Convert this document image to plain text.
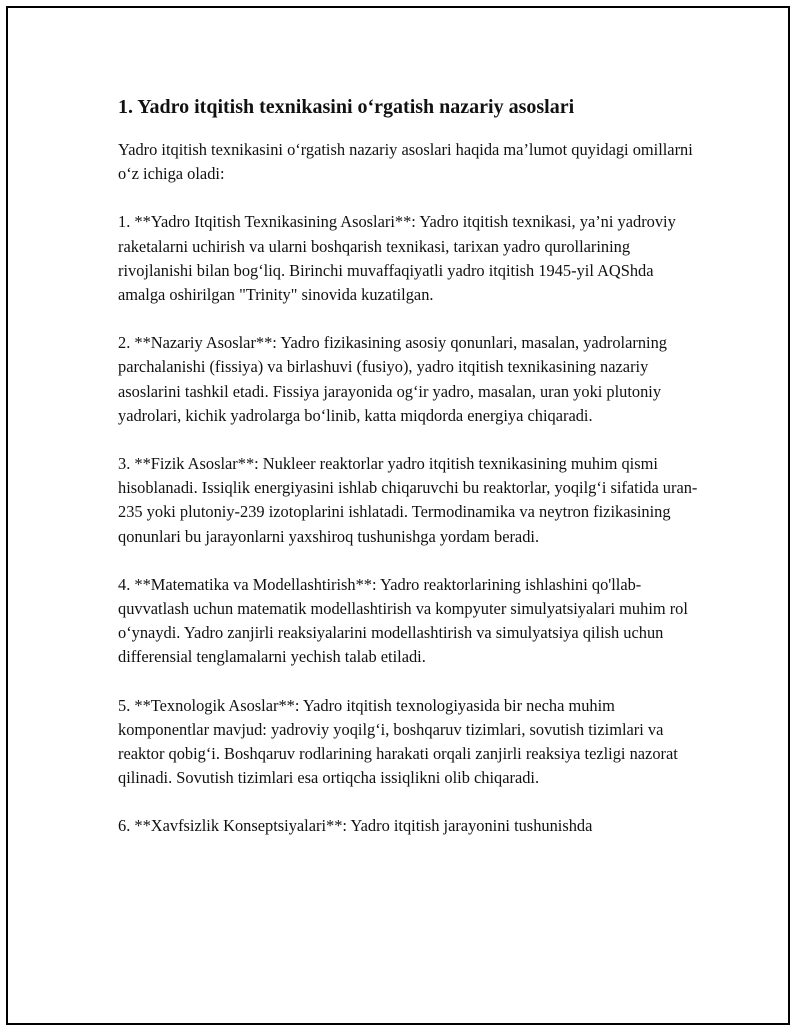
1. Yadro itqitish texnikasini o‘rgatish nazariy asoslari

Yadro itqitish texnikasini o‘rgatish nazariy asoslari haqida ma’lumot quyidagi omillarni o‘z ichiga oladi:

1. **Yadro Itqitish Texnikasining Asoslari**: Yadro itqitish texnikasi, ya’ni yadroviy raketalarni uchirish va ularni boshqarish texnikasi, tarixan yadro qurollarining rivojlanishi bilan bog‘liq. Birinchi muvaffaqiyatli yadro itqitish 1945-yil AQShda amalga oshirilgan "Trinity" sinovida kuzatilgan.

2. **Nazariy Asoslar**: Yadro fizikasining asosiy qonunlari, masalan, yadrolarning parchalanishi (fissiya) va birlashuvi (fusiyo), yadro itqitish texnikasining nazariy asoslarini tashkil etadi. Fissiya jarayonida og‘ir yadro, masalan, uran yoki plutoniy yadrolari, kichik yadrolarga bo‘linib, katta miqdorda energiya chiqaradi.

3. **Fizik Asoslar**: Nukleer reaktorlar yadro itqitish texnikasining muhim qismi hisoblanadi. Issiqlik energiyasini ishlab chiqaruvchi bu reaktorlar, yoqilg‘i sifatida uran-235 yoki plutoniy-239 izotoplarini ishlatadi. Termodinamika va neytron fizikasining qonunlari bu jarayonlarni yaxshiroq tushunishga yordam beradi.

4. **Matematika va Modellashtirish**: Yadro reaktorlarining ishlashini qo'llab-quvvatlash uchun matematik modellashtirish va kompyuter simulyatsiyalari muhim rol o‘ynaydi. Yadro zanjirli reaksiyalarini modellashtirish va simulyatsiya qilish uchun differensial tenglamalarni yechish talab etiladi.

5. **Texnologik Asoslar**: Yadro itqitish texnologiyasida bir necha muhim komponentlar mavjud: yadroviy yoqilg‘i, boshqaruv tizimlari, sovutish tizimlari va reaktor qobig‘i. Boshqaruv rodlarining harakati orqali zanjirli reaksiya tezligi nazorat qilinadi. Sovutish tizimlari esa ortiqcha issiqlikni olib chiqaradi.

6. **Xavfsizlik Konseptsiyalari**: Yadro itqitish jarayonini tushunishda
